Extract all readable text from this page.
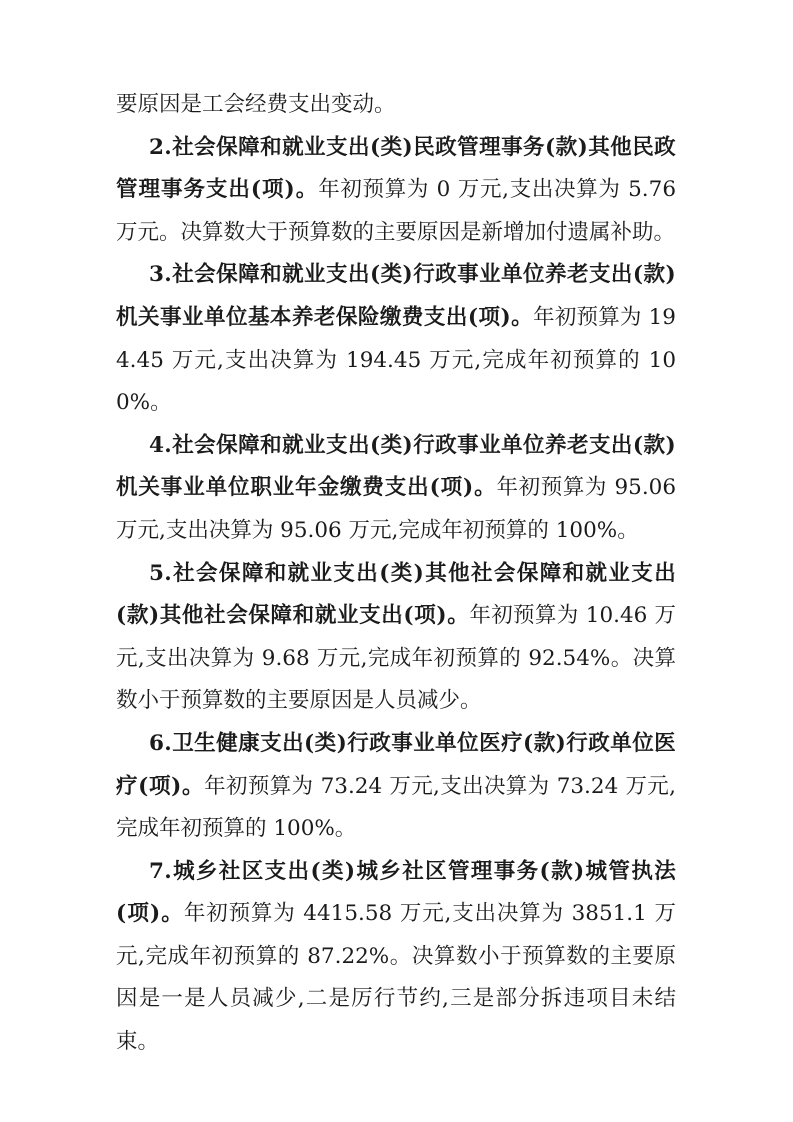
要原因是工会经费支出变动。

2.社会保障和就业支出(类)民政管理事务(款)其他民政管理事务支出(项)。年初预算为 0 万元,支出决算为 5.76 万元。决算数大于预算数的主要原因是新增加付遗属补助。

3.社会保障和就业支出(类)行政事业单位养老支出(款)机关事业单位基本养老保险缴费支出(项)。年初预算为 194.45 万元,支出决算为 194.45 万元,完成年初预算的 100%。

4.社会保障和就业支出(类)行政事业单位养老支出(款)机关事业单位职业年金缴费支出(项)。年初预算为 95.06 万元,支出决算为 95.06 万元,完成年初预算的 100%。

5.社会保障和就业支出(类)其他社会保障和就业支出(款)其他社会保障和就业支出(项)。年初预算为 10.46 万元,支出决算为 9.68 万元,完成年初预算的 92.54%。决算数小于预算数的主要原因是人员减少。

6.卫生健康支出(类)行政事业单位医疗(款)行政单位医疗(项)。年初预算为 73.24 万元,支出决算为 73.24 万元,完成年初预算的 100%。

7.城乡社区支出(类)城乡社区管理事务(款)城管执法(项)。年初预算为 4415.58 万元,支出决算为 3851.1 万元,完成年初预算的 87.22%。决算数小于预算数的主要原因是一是人员减少,二是厉行节约,三是部分拆违项目未结束。
